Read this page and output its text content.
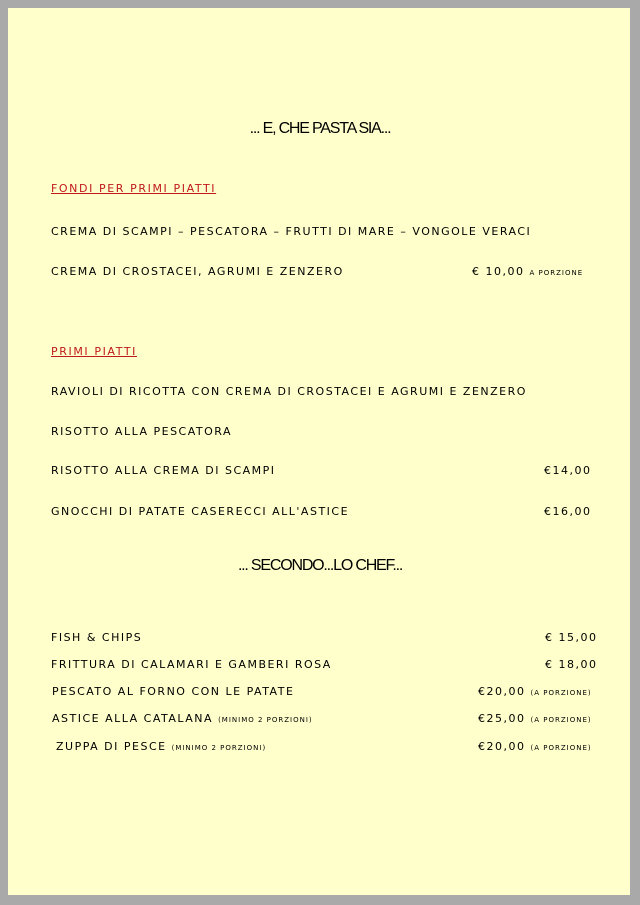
... E, CHE PASTA SIA...
FONDI PER PRIMI PIATTI
CREMA DI SCAMPI – PESCATORA – FRUTTI DI MARE – VONGOLE VERACI
CREMA DI CROSTACEI, AGRUMI E ZENZERO	€ 10,00 A PORZIONE
PRIMI PIATTI
RAVIOLI DI RICOTTA CON CREMA DI CROSTACEI E AGRUMI E ZENZERO
RISOTTO ALLA PESCATORA
RISOTTO ALLA CREMA DI SCAMPI	€14,00
GNOCCHI DI PATATE CASERECCI ALL'ASTICE	€16,00
... SECONDO...LO CHEF...
FISH & CHIPS	€ 15,00
FRITTURA DI CALAMARI E GAMBERI ROSA	€ 18,00
PESCATO AL FORNO CON LE PATATE	€20,00 (A PORZIONE)
ASTICE ALLA CATALANA (MINIMO 2 PORZIONI)	€25,00 (A PORZIONE)
ZUPPA DI PESCE (MINIMO 2 PORZIONI)	€20,00 (A PORZIONE)
